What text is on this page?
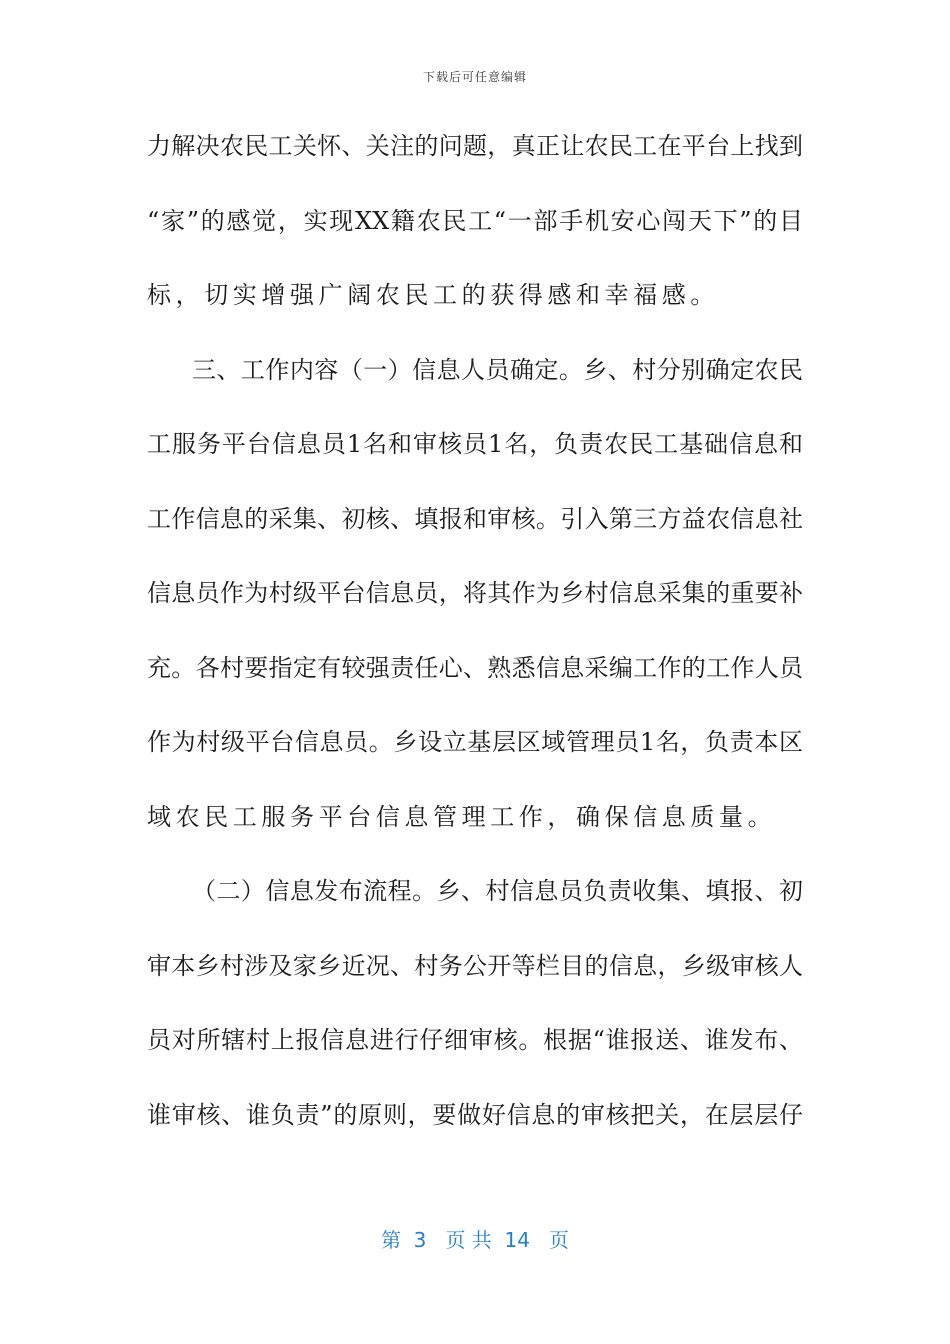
下载后可任意编辑
力解决农民工关怀、关注的问题，真正让农民工在平台上找到
“家”的感觉，实现XX籍农民工“一部手机安心闯天下”的目
标，切实增强广阔农民工的获得感和幸福感。
三、工作内容（一）信息人员确定。乡、村分别确定农民
工服务平台信息员1名和审核员1名，负责农民工基础信息和
工作信息的采集、初核、填报和审核。引入第三方益农信息社
信息员作为村级平台信息员，将其作为乡村信息采集的重要补
充。各村要指定有较强责任心、熟悉信息采编工作的工作人员
作为村级平台信息员。乡设立基层区域管理员1名，负责本区
域农民工服务平台信息管理工作，确保信息质量。
（二）信息发布流程。乡、村信息员负责收集、填报、初
审本乡村涉及家乡近况、村务公开等栏目的信息，乡级审核人
员对所辖村上报信息进行仔细审核。根据“谁报送、谁发布、
谁审核、谁负责”的原则，要做好信息的审核把关，在层层仔
第  3   页 共  14   页
